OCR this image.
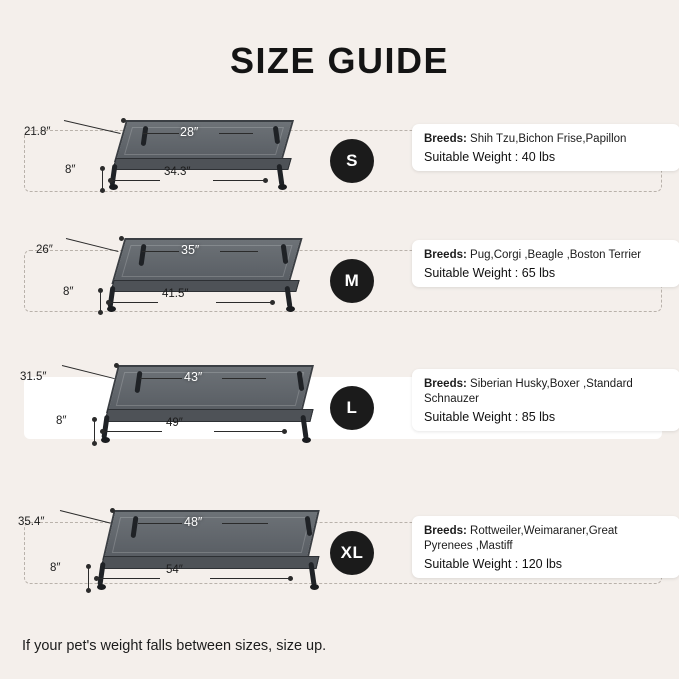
SIZE GUIDE
21.8″	28″
8″	34.3″
S
Breeds: Shih Tzu,Bichon Frise,Papillon
Suitable Weight : 40 lbs
26″	35″
8″	41.5″
M
Breeds: Pug,Corgi ,Beagle ,Boston Terrier
Suitable Weight : 65 lbs
31.5″	43″
8″	49″
L
Breeds: Siberian Husky,Boxer ,Standard Schnauzer
Suitable Weight : 85 lbs
35.4″	48″
8″	54″
XL
Breeds: Rottweiler,Weimaraner,Great Pyrenees ,Mastiff
Suitable Weight : 120 lbs
If your pet's weight falls between sizes, size up.
